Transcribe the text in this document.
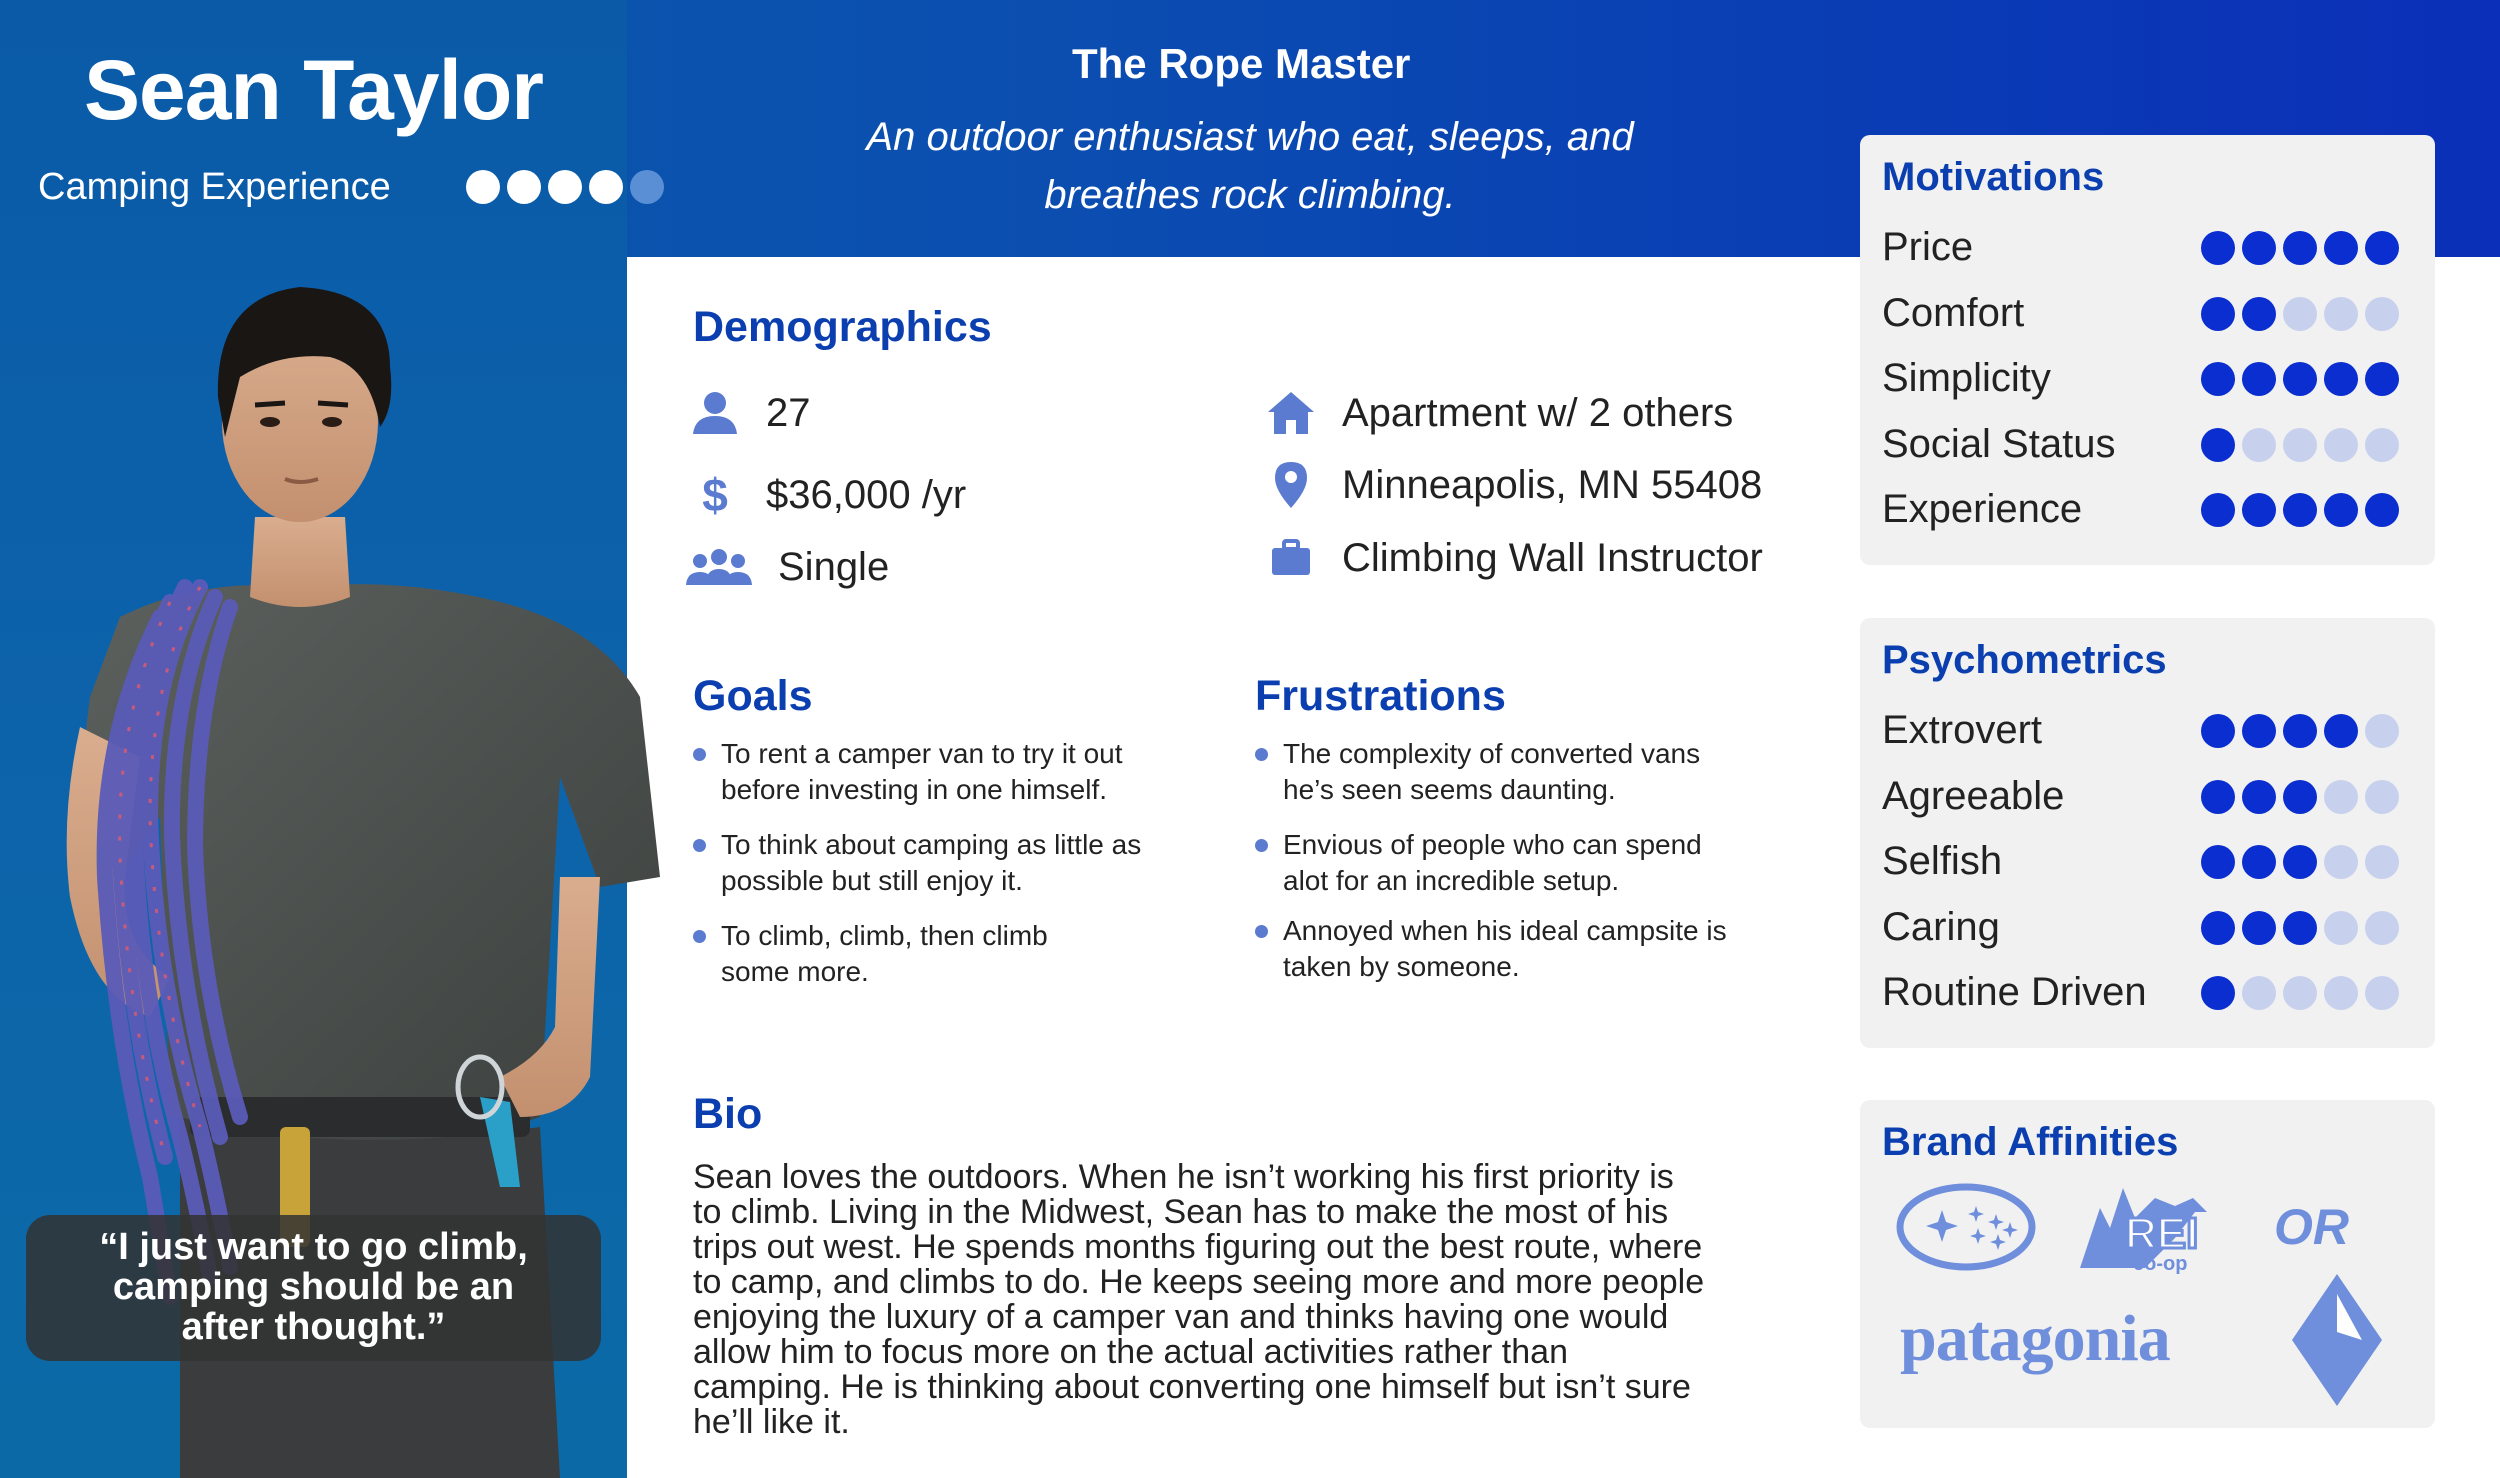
Sean Taylor
Camping Experience
The Rope Master
An outdoor enthusiast who eat, sleeps, and
breathes rock climbing.
“I just want to go climb,
camping should be an
after thought.”
Demographics
27
$ $36,000 /yr
Single
Apartment w/ 2 others
Minneapolis, MN 55408
Climbing Wall Instructor
Goals
To rent a camper van to try it out
before investing in one himself.
To think about camping as little as
possible but still enjoy it.
To climb, climb, then climb
some more.
Frustrations
The complexity of converted vans
he’s seen seems daunting.
Envious of people who can spend
alot for an incredible setup.
Annoyed when his ideal campsite is
taken by someone.
Bio
Sean loves the outdoors. When he isn’t working his first priority is
to climb. Living in the Midwest, Sean has to make the most of his
trips out west. He spends months figuring out the best route, where
to camp, and climbs to do. He keeps seeing more and more people
enjoying the luxury of a camper van and thinks having one would
allow him to focus more on the actual activities rather than
camping. He is thinking about converting one himself but isn’t sure
he’ll like it.
Motivations
Price
Comfort
Simplicity
Social Status
Experience
Psychometrics
Extrovert
Agreeable
Selfish
Caring
Routine Driven
Brand Affinities
REI
co-op
OR
patagonia
